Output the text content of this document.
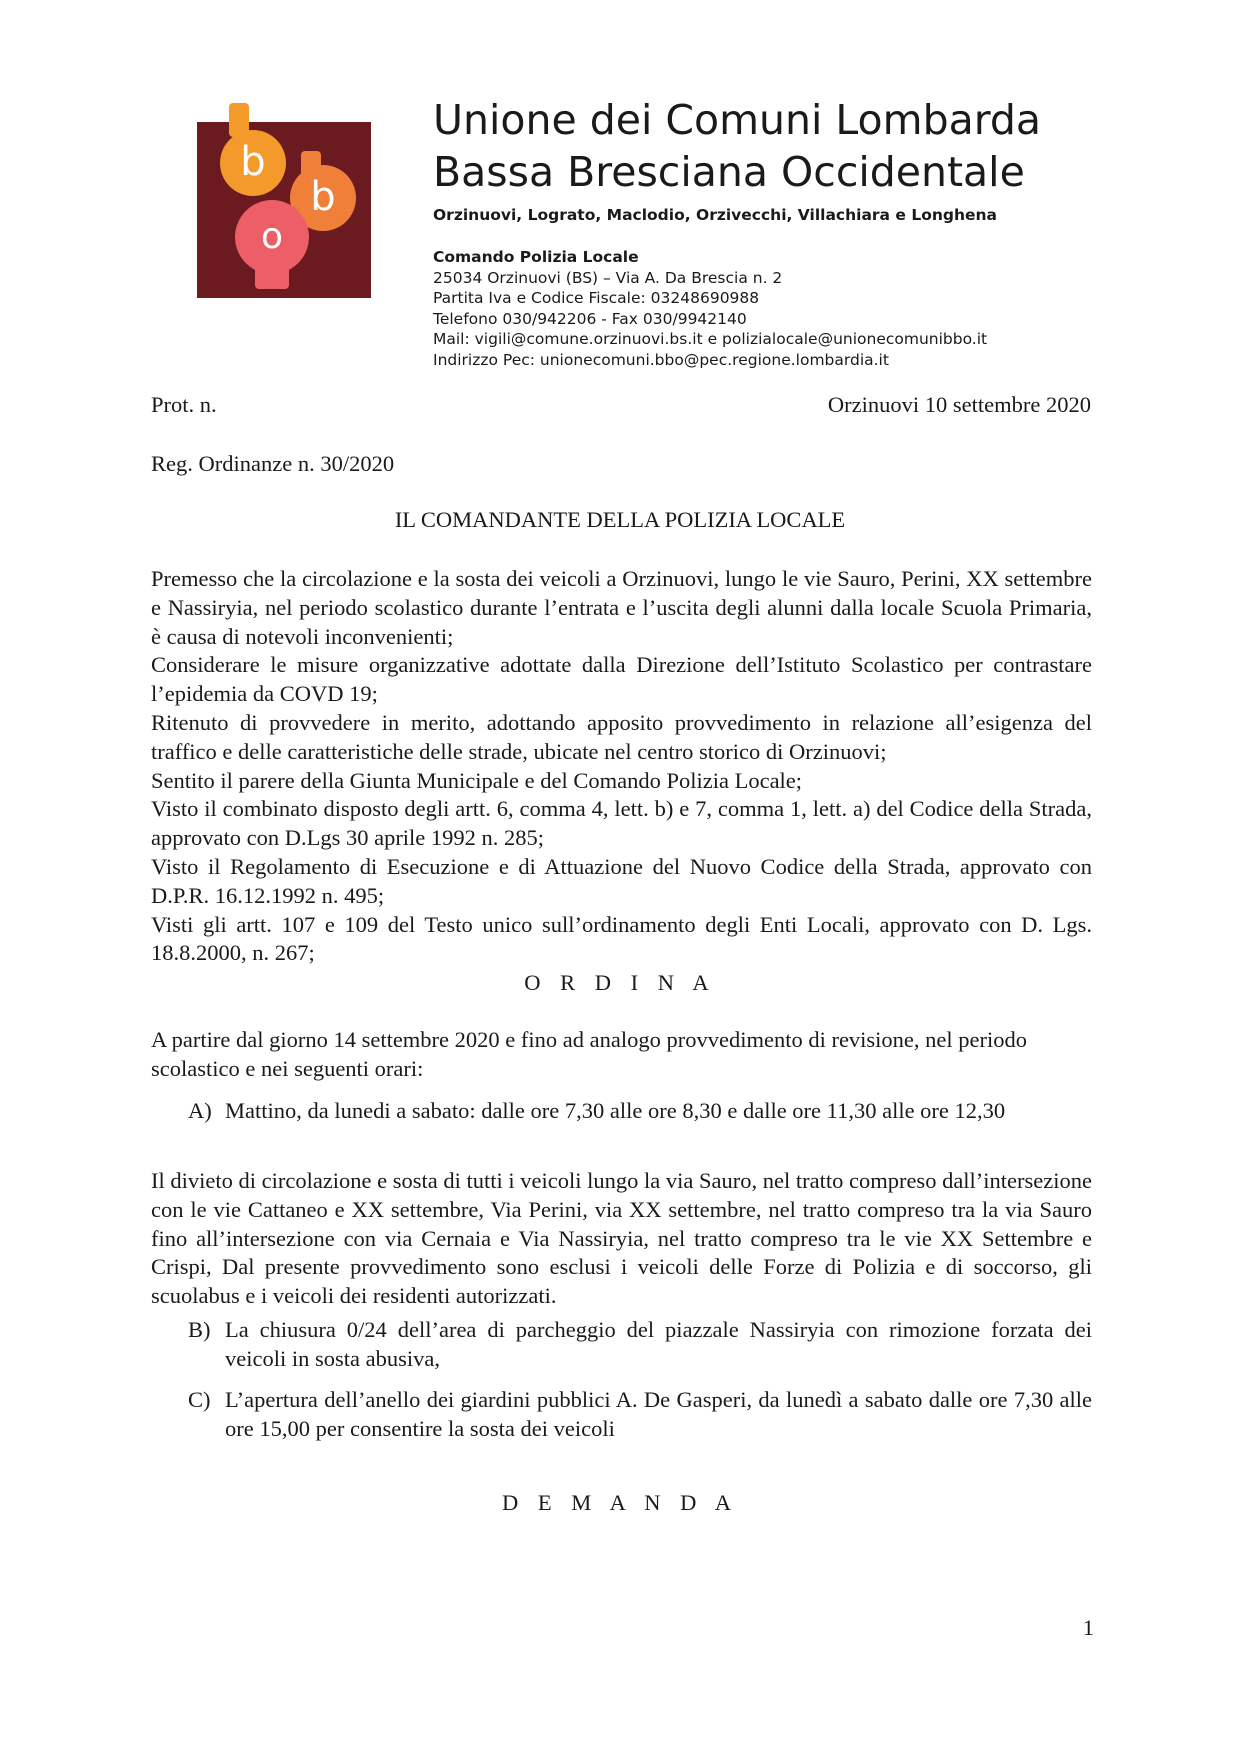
b
b
o
Unione dei Comuni Lombarda
Bassa Bresciana Occidentale
Orzinuovi, Lograto, Maclodio, Orzivecchi, Villachiara e Longhena
Comando Polizia Locale
25034 Orzinuovi (BS) – Via A. Da Brescia n. 2
Partita Iva e Codice Fiscale: 03248690988
Telefono 030/942206 - Fax 030/9942140
Mail: vigili@comune.orzinuovi.bs.it e polizialocale@unionecomunibbo.it
Indirizzo Pec: unionecomuni.bbo@pec.regione.lombardia.it
Prot. n.	Orzinuovi 10 settembre 2020
Reg. Ordinanze n. 30/2020
IL COMANDANTE DELLA POLIZIA LOCALE

Premesso che la circolazione e la sosta dei veicoli a Orzinuovi, lungo le vie Sauro, Perini, XX settembre e Nassiryia, nel periodo scolastico durante l’entrata e l’uscita degli alunni dalla locale Scuola Primaria, è causa di notevoli inconvenienti;

Considerare le misure organizzative adottate dalla Direzione dell’Istituto Scolastico per contrastare l’epidemia da COVD 19;

Ritenuto di provvedere in merito, adottando apposito provvedimento in relazione all’esigenza del traffico e delle caratteristiche delle strade, ubicate nel centro storico di Orzinuovi;

Sentito il parere della Giunta Municipale e del Comando Polizia Locale;

Visto il combinato disposto degli artt. 6, comma 4, lett. b) e 7, comma 1, lett. a) del Codice della Strada, approvato con D.Lgs 30 aprile 1992 n. 285;

Visto il Regolamento di Esecuzione e di Attuazione del Nuovo Codice della Strada, approvato con D.P.R. 16.12.1992 n. 495;

Visti gli artt. 107 e 109 del Testo unico sull’ordinamento degli Enti Locali, approvato con D. Lgs. 18.8.2000, n. 267;

O R D I N A
A partire dal giorno 14 settembre 2020 e fino ad analogo provvedimento di revisione, nel periodo scolastico e nei seguenti orari:
A) Mattino, da lunedi a sabato: dalle ore 7,30 alle ore 8,30 e dalle ore 11,30 alle ore 12,30
Il divieto di circolazione e sosta di tutti i veicoli lungo la via Sauro, nel tratto compreso dall’intersezione con le vie Cattaneo e XX settembre, Via Perini, via XX settembre, nel tratto compreso tra la via Sauro fino all’intersezione con via Cernaia e Via Nassiryia, nel tratto compreso tra le vie XX Settembre e Crispi, Dal presente provvedimento sono esclusi i veicoli delle Forze di Polizia e di soccorso, gli scuolabus e i veicoli dei residenti autorizzati.
B) La chiusura 0/24 dell’area di parcheggio del piazzale Nassiryia con rimozione forzata dei veicoli in sosta abusiva,
C) L’apertura dell’anello dei giardini pubblici A. De Gasperi, da lunedì a sabato dalle ore 7,30 alle ore 15,00 per consentire la sosta dei veicoli
D E M A N D A
1
